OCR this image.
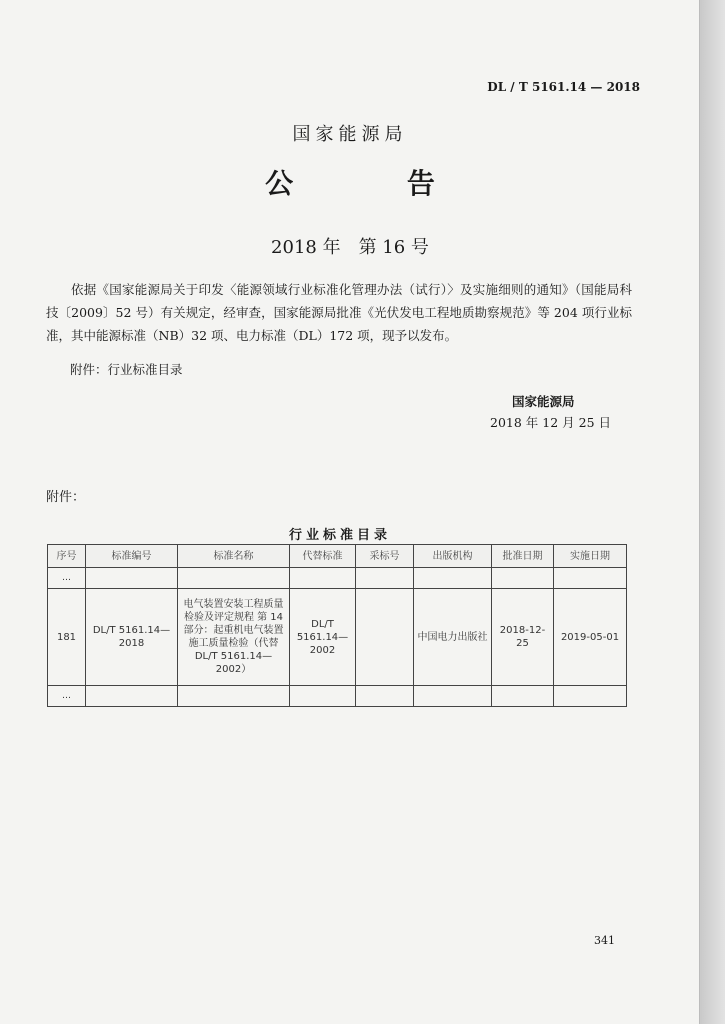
DL / T 5161.14 — 2018
国家能源局
公 告
2018 年　第 16 号
依据《国家能源局关于印发〈能源领域行业标准化管理办法（试行）〉及实施细则的通知》（国能局科技〔2009〕52 号）有关规定，经审查，国家能源局批准《光伏发电工程地质勘察规范》等 204 项行业标准，其中能源标准（NB）32 项、电力标准（DL）172 项，现予以发布。
附件：行业标准目录
国家能源局
2018 年 12 月 25 日
附件：
行业标准目录
序号	标准编号	标准名称	代替标准	采标号	出版机构	批准日期	实施日期
…							
181	DL/T 5161.14—2018	电气装置安装工程质量检验及评定规程 第 14 部分：起重机电气装置施工质量检验（代替 DL/T 5161.14—2002）	DL/T 5161.14—2002		中国电力出版社	2018-12-25	2019-05-01
…							
341
